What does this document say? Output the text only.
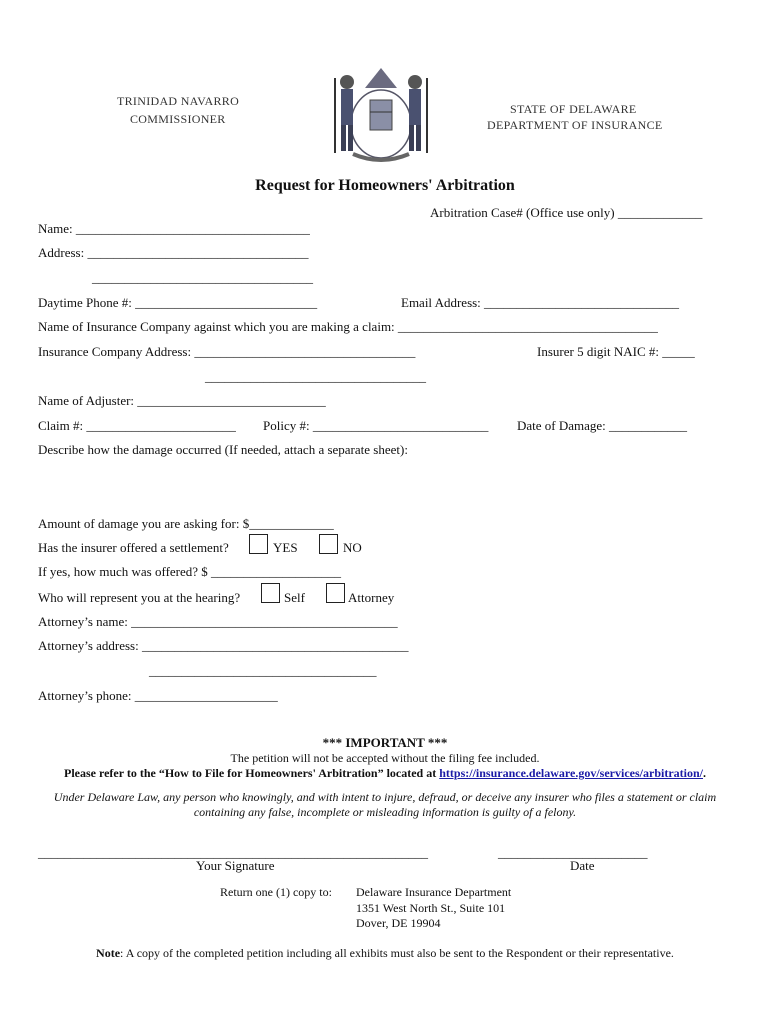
TRINIDAD NAVARRO
COMMISSIONER
STATE OF DELAWARE
DEPARTMENT OF INSURANCE
Request for Homeowners' Arbitration
Arbitration Case# (Office use only) _____________
Name: ____________________________________
Address: __________________________________
__________________________________
Daytime Phone #: ____________________________	Email Address: ______________________________
Name of Insurance Company against which you are making a claim: ________________________________________
Insurance Company Address: __________________________________	Insurer 5 digit NAIC #: _____
__________________________________
Name of Adjuster: _____________________________
Claim #: _______________________ Policy #: ___________________________ Date of Damage: ____________
Describe how the damage occurred (If needed, attach a separate sheet):
Amount of damage you are asking for: $_____________
Has the insurer offered a settlement?	YES	NO
If yes, how much was offered? $ ____________________
Who will represent you at the hearing?	Self	Attorney
Attorney’s name: _________________________________________
Attorney’s address: _________________________________________
___________________________________
Attorney’s phone: ______________________
*** IMPORTANT ***
The petition will not be accepted without the filing fee included.
Please refer to the “How to File for Homeowners' Arbitration” located at https://insurance.delaware.gov/services/arbitration/.
Under Delaware Law, any person who knowingly, and with intent to injure, defraud, or deceive any insurer who files a statement or claim
containing any false, incomplete or misleading information is guilty of a felony.
____________________________________________________________
Your Signature
_______________________
Date
Return one (1) copy to: Delaware Insurance Department
1351 West North St., Suite 101
Dover, DE 19904
Note: A copy of the completed petition including all exhibits must also be sent to the Respondent or their representative.
